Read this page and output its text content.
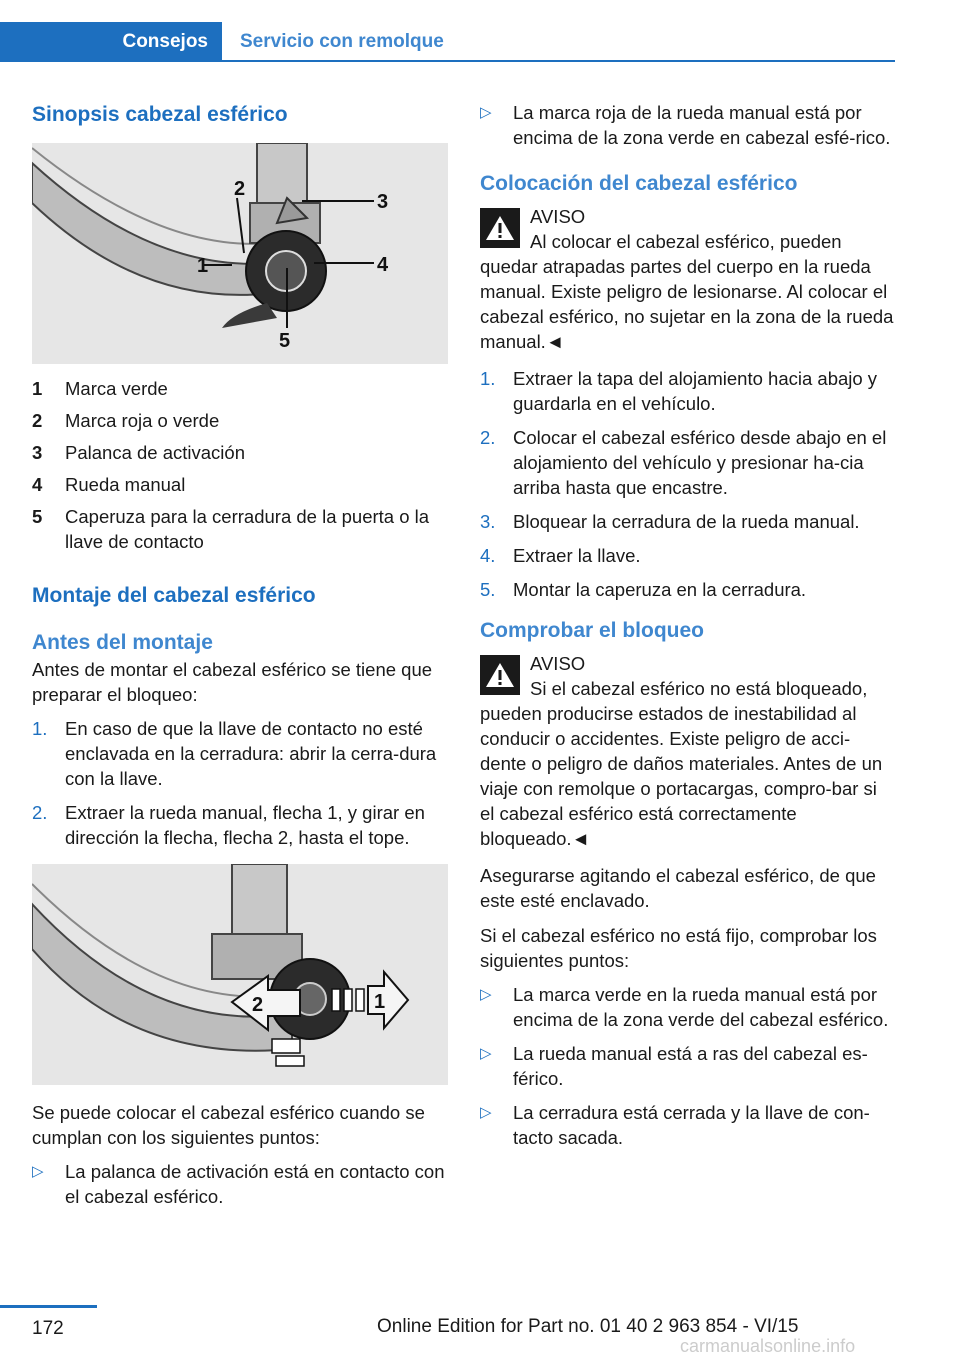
Consejos	Servicio con remolque
Sinopsis cabezal esférico
1
2
3
4
5
1	Marca verde
2	Marca roja o verde
3	Palanca de activación
4	Rueda manual
5	Caperuza para la cerradura de la puerta o la llave de contacto
Montaje del cabezal esférico
Antes del montaje

Antes de montar el cabezal esférico se tiene que preparar el bloqueo:

1. En caso de que la llave de contacto no esté enclavada en la cerradura: abrir la cerra‐dura con la llave.
2. Extraer la rueda manual, flecha 1, y girar en dirección la flecha, flecha 2, hasta el tope.
2	1

Se puede colocar el cabezal esférico cuando se cumplan con los siguientes puntos:

▷	La palanca de activación está en contacto con el cabezal esférico.
▷	La marca roja de la rueda manual está por encima de la zona verde en cabezal esfé‐rico.
Colocación del cabezal esférico
AVISO
Al colocar el cabezal esférico, pueden

quedar atrapadas partes del cuerpo en la rueda manual. Existe peligro de lesionarse. Al colocar el cabezal esférico, no sujetar en la zona de la rueda manual.◄

1. Extraer la tapa del alojamiento hacia abajo y guardarla en el vehículo.
2. Colocar el cabezal esférico desde abajo en el alojamiento del vehículo y presionar ha‐cia arriba hasta que encastre.
3. Bloquear la cerradura de la rueda manual.
4. Extraer la llave.
5. Montar la caperuza en la cerradura.
Comprobar el bloqueo
AVISO
Si el cabezal esférico no está bloqueado,

pueden producirse estados de inestabilidad al conducir o accidentes. Existe peligro de acci‐dente o peligro de daños materiales. Antes de un viaje con remolque o portacargas, compro‐bar si el cabezal esférico está correctamente bloqueado.◄

Asegurarse agitando el cabezal esférico, de que este esté enclavado.

Si el cabezal esférico no está fijo, comprobar los siguientes puntos:

▷	La marca verde en la rueda manual está por encima de la zona verde del cabezal esférico.
▷	La rueda manual está a ras del cabezal es‐férico.
▷	La cerradura está cerrada y la llave de con‐tacto sacada.
172	Online Edition for Part no. 01 40 2 963 854 - VI/15
carmanualsonline.info
